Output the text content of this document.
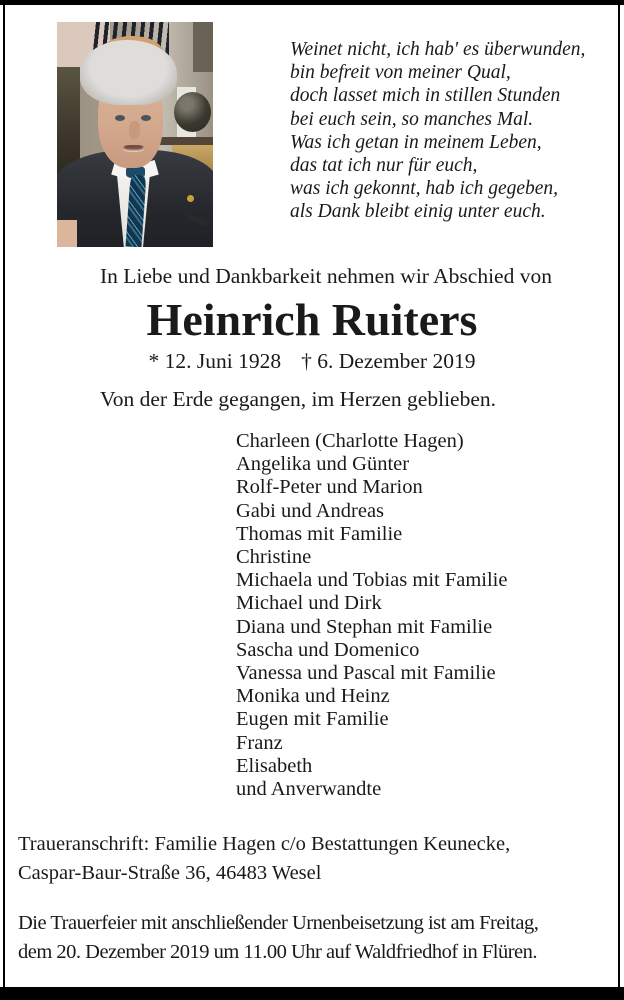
Weinet nicht, ich hab' es überwunden,
bin befreit von meiner Qual,
doch lasset mich in stillen Stunden
bei euch sein, so manches Mal.
Was ich getan in meinem Leben,
das tat ich nur für euch,
was ich gekonnt, hab ich gegeben,
als Dank bleibt einig unter euch.
In Liebe und Dankbarkeit nehmen wir Abschied von
Heinrich Ruiters
* 12. Juni 1928 † 6. Dezember 2019
Von der Erde gegangen, im Herzen geblieben.
Charleen (Charlotte Hagen)
Angelika und Günter
Rolf-Peter und Marion
Gabi und Andreas
Thomas mit Familie
Christine
Michaela und Tobias mit Familie
Michael und Dirk
Diana und Stephan mit Familie
Sascha und Domenico
Vanessa und Pascal mit Familie
Monika und Heinz
Eugen mit Familie
Franz
Elisabeth
und Anverwandte
Traueranschrift: Familie Hagen c/o Bestattungen Keunecke,
Caspar-Baur-Straße 36, 46483 Wesel
Die Trauerfeier mit anschließender Urnenbeisetzung ist am Freitag,
dem 20. Dezember 2019 um 11.00 Uhr auf Waldfriedhof in Flüren.
